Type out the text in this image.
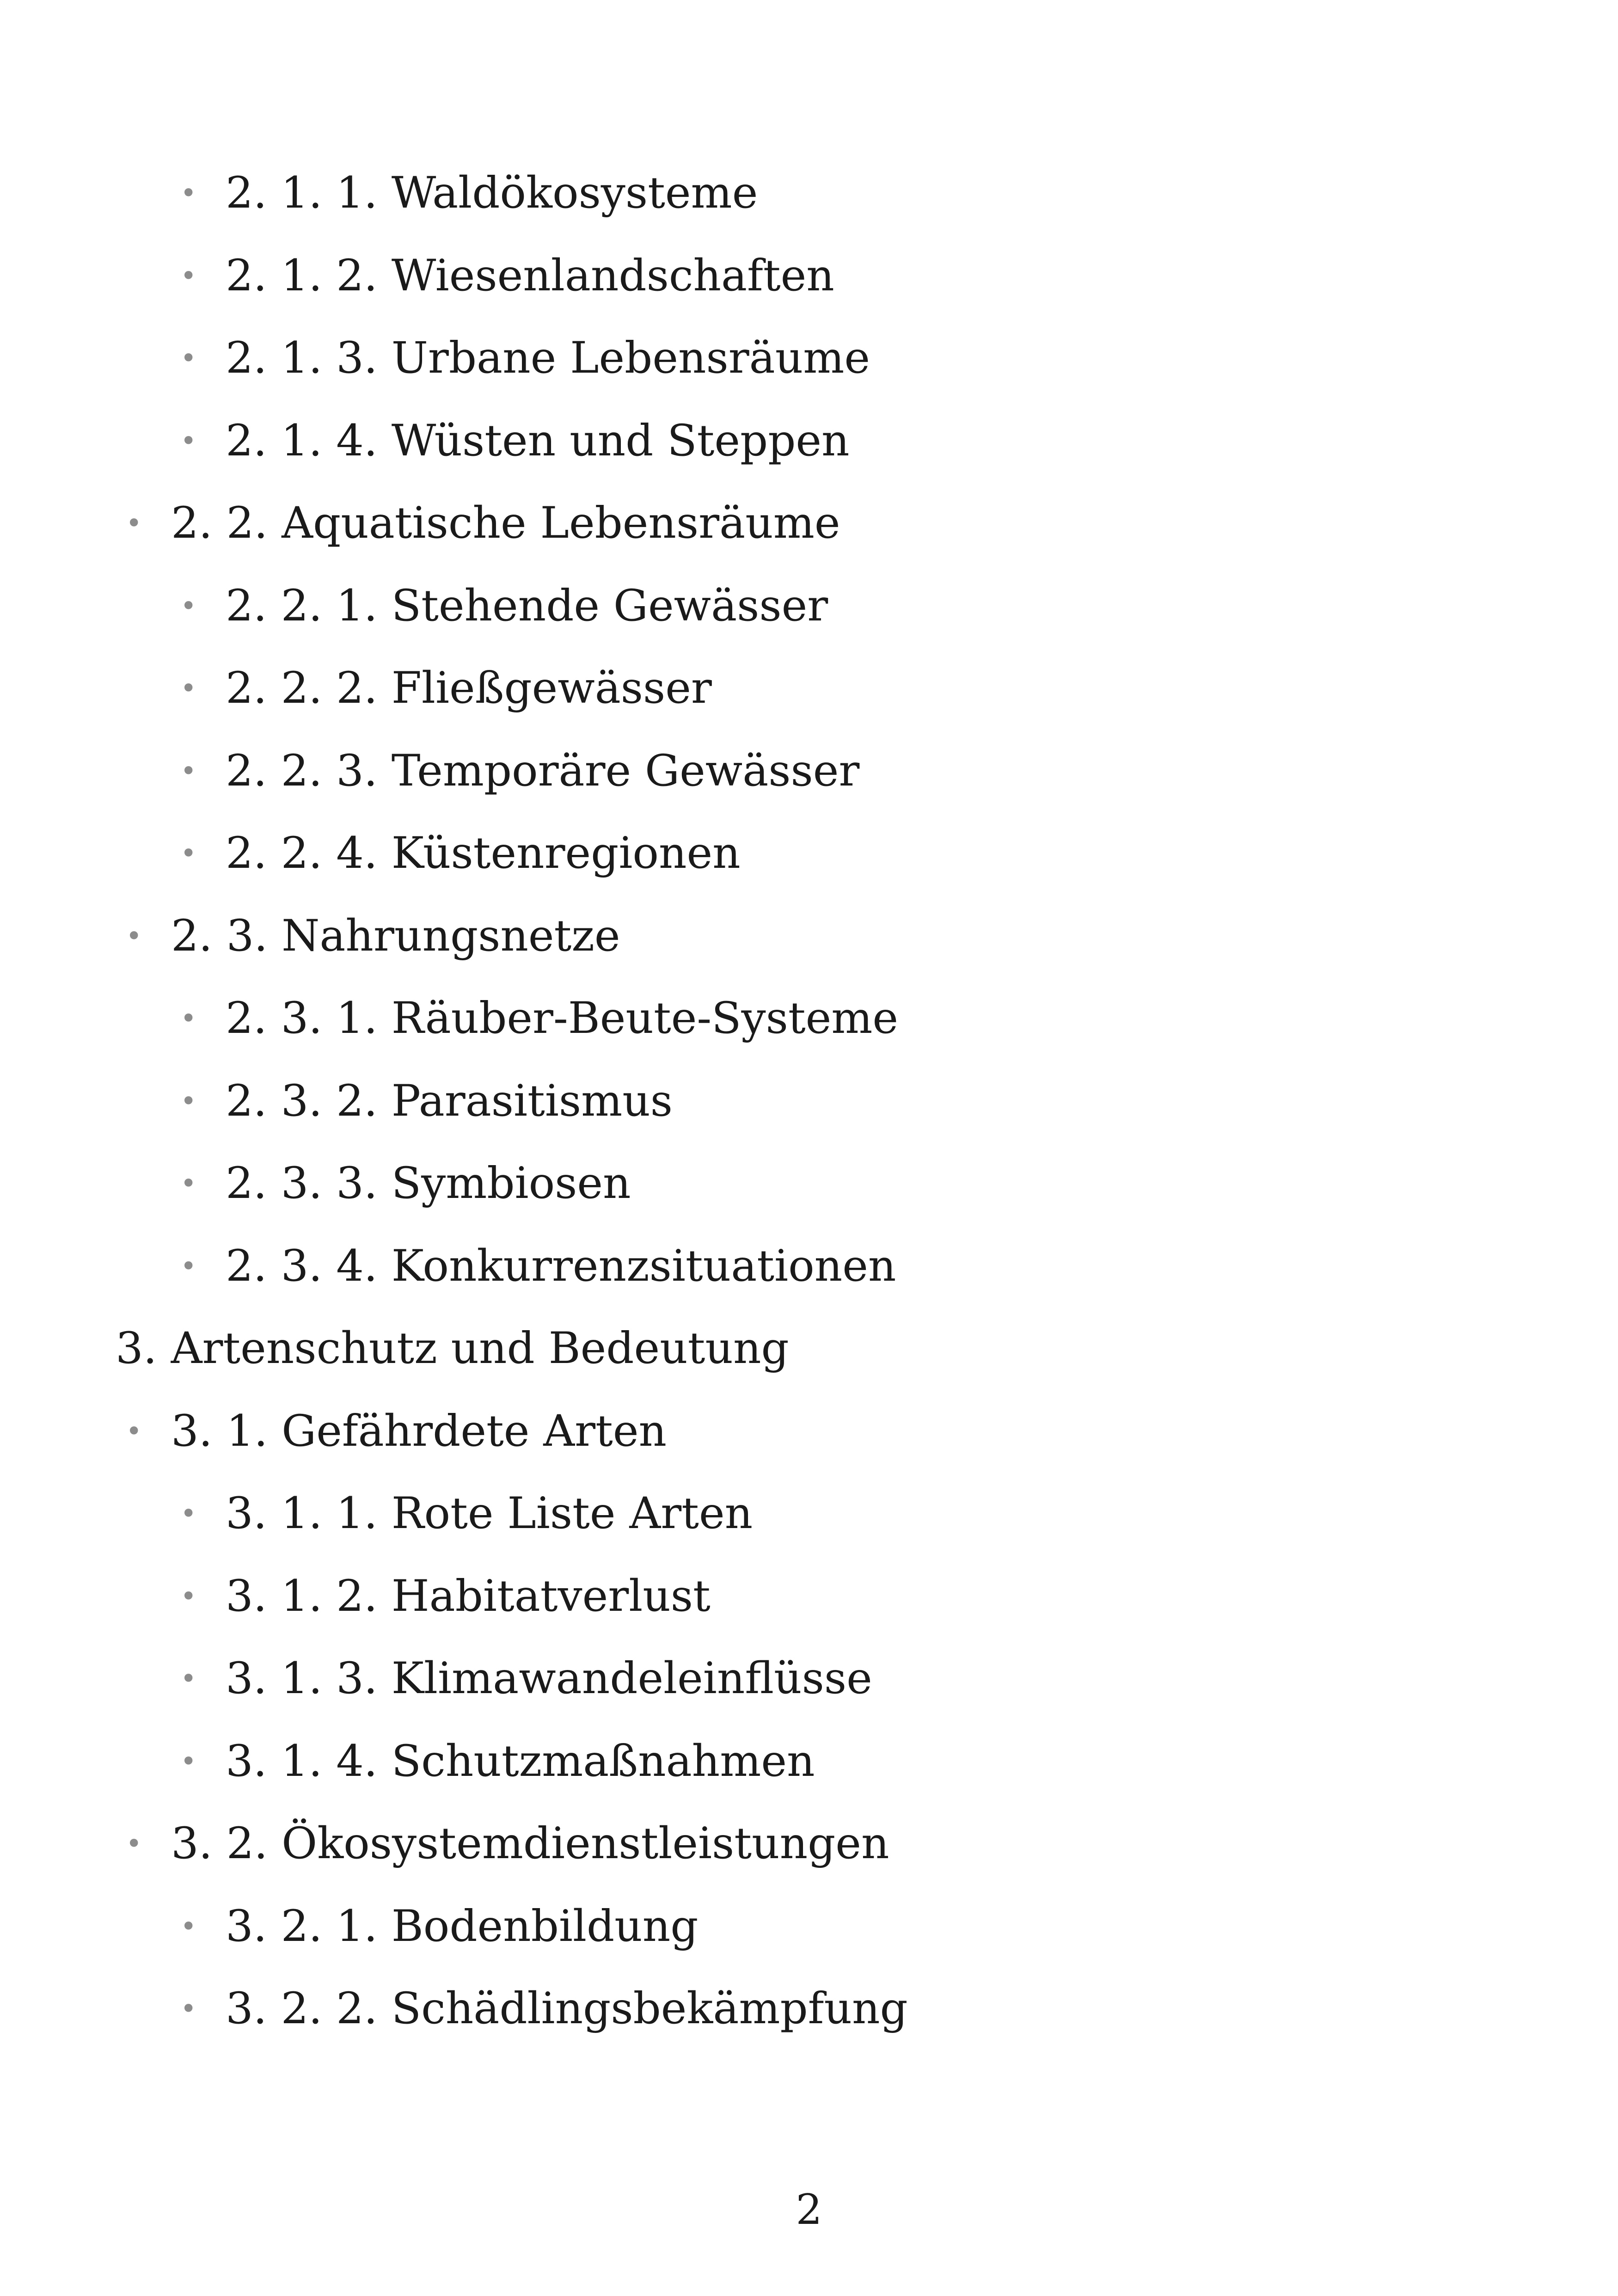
• 2. 1. 1. Waldökosysteme
• 2. 1. 2. Wiesenlandschaften
• 2. 1. 3. Urbane Lebensräume
• 2. 1. 4. Wüsten und Steppen
• 2. 2. Aquatische Lebensräume
• 2. 2. 1. Stehende Gewässer
• 2. 2. 2. Fließgewässer
• 2. 2. 3. Temporäre Gewässer
• 2. 2. 4. Küstenregionen
• 2. 3. Nahrungsnetze
• 2. 3. 1. Räuber-Beute-Systeme
• 2. 3. 2. Parasitismus
• 2. 3. 3. Symbiosen
• 2. 3. 4. Konkurrenzsituationen
3. Artenschutz und Bedeutung
• 3. 1. Gefährdete Arten
• 3. 1. 1. Rote Liste Arten
• 3. 1. 2. Habitatverlust
• 3. 1. 3. Klimawandeleinflüsse
• 3. 1. 4. Schutzmaßnahmen
• 3. 2. Ökosystemdienstleistungen
• 3. 2. 1. Bodenbildung
• 3. 2. 2. Schädlingsbekämpfung
2
